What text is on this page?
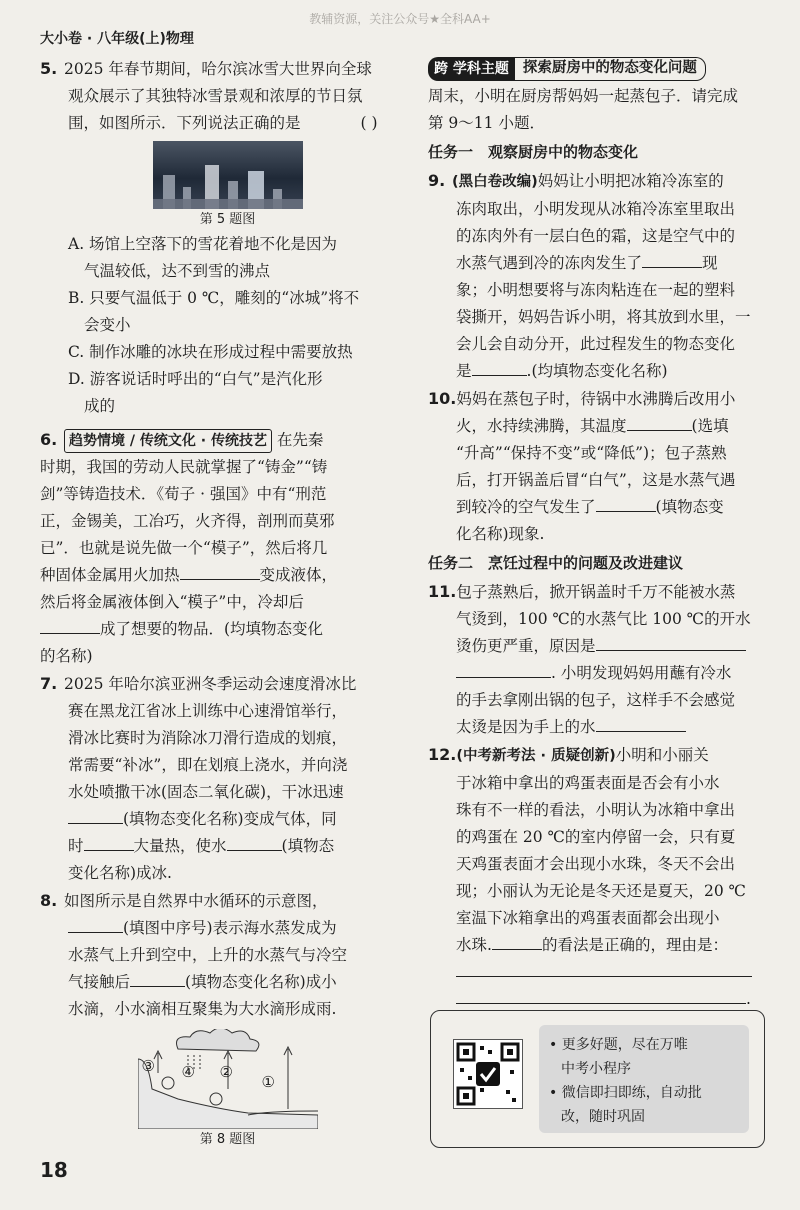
教辅资源，关注公众号★全科AA+
大小卷 · 八年级(上)物理

5. 2025 年春节期间，哈尔滨冰雪大世界向全球

观众展示了其独特冰雪景观和浓厚的节日氛

围，如图所示．下列说法正确的是	( )

第 5 题图

A. 场馆上空落下的雪花着地不化是因为

气温较低，达不到雪的沸点

B. 只要气温低于 0 ℃，雕刻的“冰城”将不

会变小

C. 制作冰雕的冰块在形成过程中需要放热

D. 游客说话时呼出的“白气”是汽化形

成的

6. 趋势情境 / 传统文化 · 传统技艺 在先秦

时期，我国的劳动人民就掌握了“铸金”“铸

剑”等铸造技术．《荀子 · 强国》中有“刑范

正，金锡美，工冶巧，火齐得，剖刑而莫邪

已”．也就是说先做一个“模子”，然后将几

种固体金属用火加热	变成液体，

然后将金属液体倒入“模子”中，冷却后

成了想要的物品．(均填物态变化

的名称)

7. 2025 年哈尔滨亚洲冬季运动会速度滑冰比

赛在黑龙江省冰上训练中心速滑馆举行，

滑冰比赛时为消除冰刀滑行造成的划痕，

常需要“补冰”，即在划痕上浇水，并向浇

水处喷撒干冰(固态二氧化碳)，干冰迅速

(填物态变化名称)变成气体，同

时	大量热，使水	(填物态

变化名称)成冰.

8. 如图所示是自然界中水循环的示意图，

(填图中序号)表示海水蒸发成为

水蒸气上升到空中，上升的水蒸气与冷空

气接触后	(填物态变化名称)成小

水滴，小水滴相互聚集为大水滴形成雨.

③ ④ ②
①
第 8 题图
跨 学科主题 探索厨房中的物态变化问题

周末，小明在厨房帮妈妈一起蒸包子．请完成

第 9～11 小题．

任务一　观察厨房中的物态变化

9. (黑白卷改编)妈妈让小明把冰箱冷冻室的

冻肉取出，小明发现从冰箱冷冻室里取出

的冻肉外有一层白色的霜，这是空气中的

水蒸气遇到冷的冻肉发生了	现

象；小明想要将与冻肉粘连在一起的塑料

袋撕开，妈妈告诉小明，将其放到水里，一

会儿会自动分开，此过程发生的物态变化

是	.(均填物态变化名称)

10.妈妈在蒸包子时，待锅中水沸腾后改用小

火，水持续沸腾，其温度	(选填

“升高”“保持不变”或“降低”)；包子蒸熟

后，打开锅盖后冒“白气”，这是水蒸气遇

到较冷的空气发生了	(填物态变

化名称)现象.

任务二　烹饪过程中的问题及改进建议

11.包子蒸熟后，掀开锅盖时千万不能被水蒸

气烫到，100 ℃的水蒸气比 100 ℃的开水

烫伤更严重，原因是

. 小明发现妈妈用蘸有冷水

的手去拿刚出锅的包子，这样手不会感觉

太烫是因为手上的水

12.(中考新考法 · 质疑创新)小明和小丽关

于冰箱中拿出的鸡蛋表面是否会有小水

珠有不一样的看法，小明认为冰箱中拿出

的鸡蛋在 20 ℃的室内停留一会，只有夏

天鸡蛋表面才会出现小水珠，冬天不会出

现；小丽认为无论是冬天还是夏天，20 ℃

室温下冰箱拿出的鸡蛋表面都会出现小

水珠.	的看法是正确的，理由是：

.

• 更多好题，尽在万唯
中考小程序
• 微信即扫即练，自动批
改，随时巩固
18
